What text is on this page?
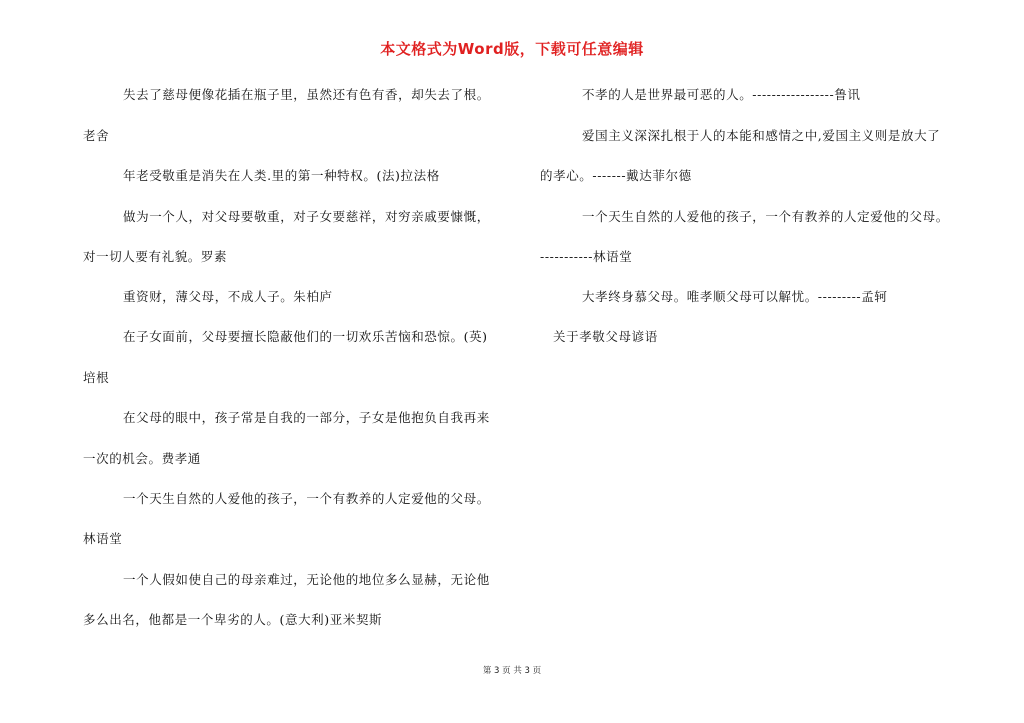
本文格式为Word版，下载可任意编辑
失去了慈母便像花插在瓶子里，虽然还有色有香，却失去了根。
老舍
年老受敬重是消失在人类.里的第一种特权。(法)拉法格
做为一个人，对父母要敬重，对子女要慈祥，对穷亲戚要慷慨，
对一切人要有礼貌。罗素
重资财，薄父母，不成人子。朱柏庐
在子女面前，父母要擅长隐蔽他们的一切欢乐苦恼和恐惊。(英)
培根
在父母的眼中，孩子常是自我的一部分，子女是他抱负自我再来
一次的机会。费孝通
一个天生自然的人爱他的孩子，一个有教养的人定爱他的父母。
林语堂
一个人假如使自己的母亲难过，无论他的地位多么显赫，无论他
多么出名，他都是一个卑劣的人。(意大利)亚米契斯
不孝的人是世界最可恶的人。-----------------鲁讯
爱国主义深深扎根于人的本能和感情之中,爱国主义则是放大了
的孝心。-------戴达菲尔德
一个天生自然的人爱他的孩子，一个有教养的人定爱他的父母。
-----------林语堂
大孝终身慕父母。唯孝顺父母可以解忧。---------孟轲
关于孝敬父母谚语
第 3 页 共 3 页
